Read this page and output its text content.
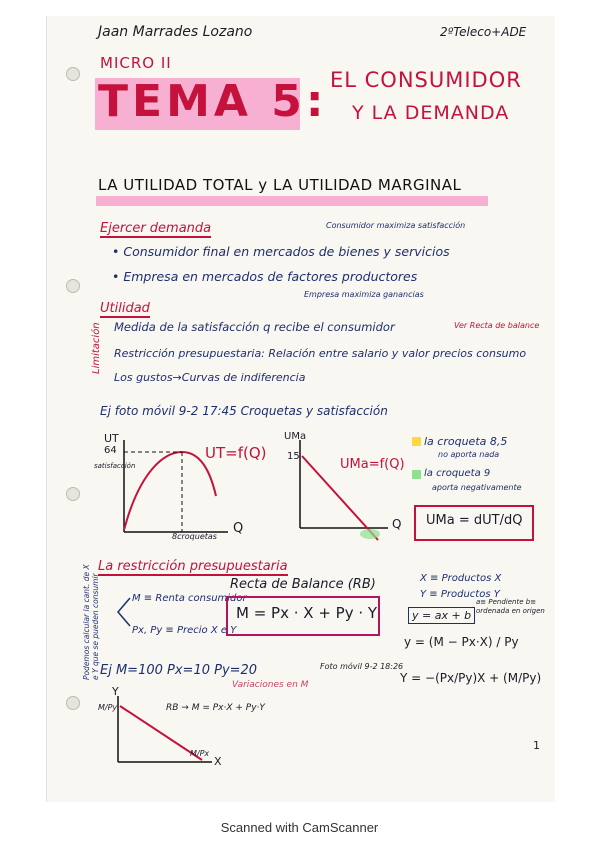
Jaan Marrades Lozano	2ºTeleco+ADE
MICRO II
TEMA 5: EL CONSUMIDOR
Y LA DEMANDA
LA UTILIDAD TOTAL y LA UTILIDAD MARGINAL
Ejercer demanda	Consumidor maximiza satisfacción
• Consumidor final en mercados de bienes y servicios
• Empresa en mercados de factores productores
Empresa maximiza ganancias
Utilidad
Medida de la satisfacción q recibe el consumidor	Ver Recta de balance
Restricción presupuestaria: Relación entre salario y valor precios consumo
Los gustos→Curvas de indiferencia
Limitación
Ej foto móvil 9-2 17:45 Croquetas y satisfacción
UT
64
satisfacción
UT=f(Q)
Q
8croquetas
UMa
15
UMa=f(Q)
Q
la croqueta 8,5
no aporta nada
la croqueta 9
aporta negativamente
UMa = dUT/dQ
La restricción presupuestaria
Podemos calcular la cant. de X e Y que se pueden consumir	M ≡ Renta consumidor
Px, Py ≡ Precio X e Y
Recta de Balance (RB)
M = Px · X + Py · Y
X ≡ Productos X
Y ≡ Productos Y
y = ax + b
a≡ Pendiente b≡ ordenada en origen
y = (M − Px·X) / Py
Y = −(Px/Py)X + (M/Py)
Ej M=100 Px=10 Py=20	Foto móvil 9-2 18:26
Variaciones en M
Y
X
M/Py
M/Px
RB → M = Px·X + Py·Y
1
Scanned with CamScanner
